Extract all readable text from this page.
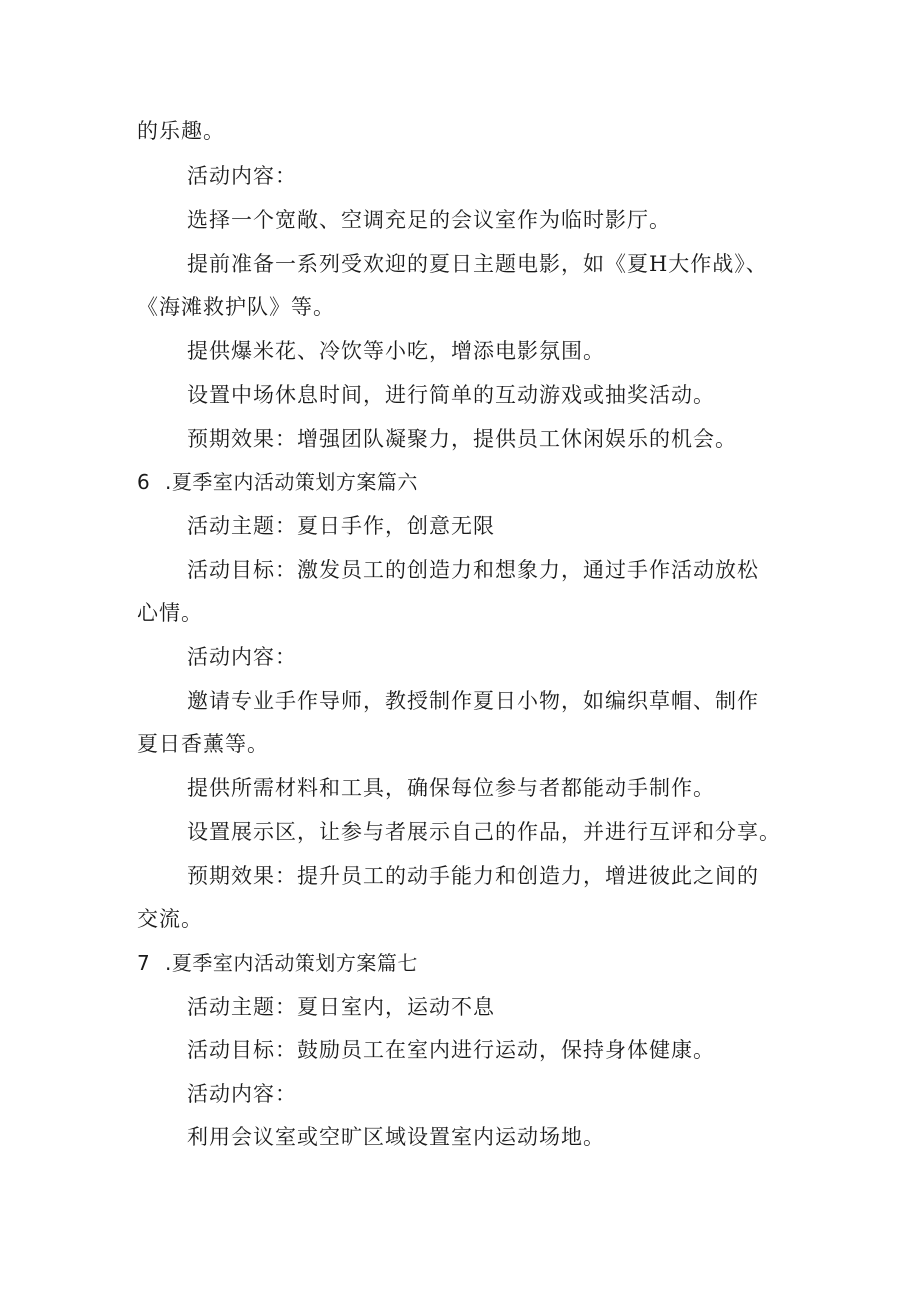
的乐趣。
活动内容：
选择一个宽敞、空调充足的会议室作为临时影厅。
提前准备一系列受欢迎的夏日主题电影，如《夏H大作战》、
《海滩救护队》等。
提供爆米花、冷饮等小吃，增添电影氛围。
设置中场休息时间，进行简单的互动游戏或抽奖活动。
预期效果：增强团队凝聚力，提供员工休闲娱乐的机会。
6 .夏季室内活动策划方案篇六
活动主题：夏日手作，创意无限
活动目标：激发员工的创造力和想象力，通过手作活动放松
心情。
活动内容：
邀请专业手作导师，教授制作夏日小物，如编织草帽、制作
夏日香薰等。
提供所需材料和工具，确保每位参与者都能动手制作。
设置展示区，让参与者展示自己的作品，并进行互评和分享。
预期效果：提升员工的动手能力和创造力，增进彼此之间的
交流。
7 .夏季室内活动策划方案篇七
活动主题：夏日室内，运动不息
活动目标：鼓励员工在室内进行运动，保持身体健康。
活动内容：
利用会议室或空旷区域设置室内运动场地。
